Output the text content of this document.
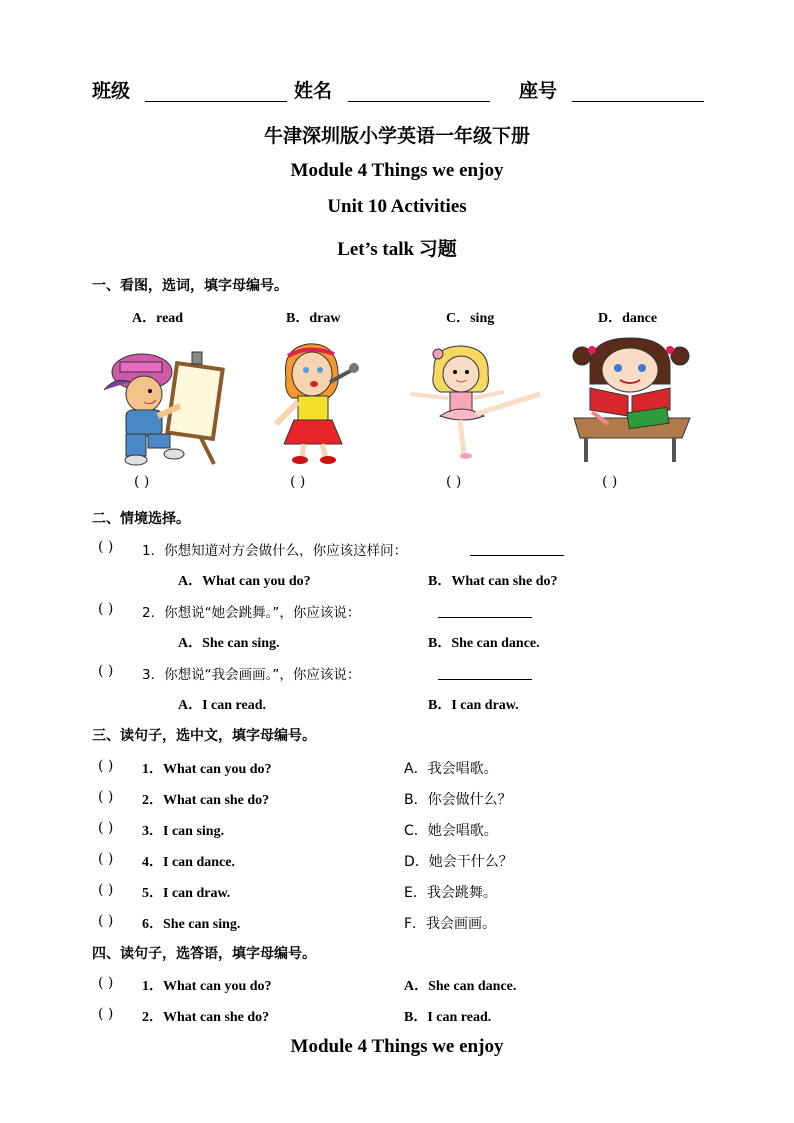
班级	姓名	座号
牛津深圳版小学英语一年级下册
Module 4 Things we enjoy
Unit 10 Activities
Let’s talk 习题
一、看图，选词，填字母编号。
A．read	B．draw	C．sing	D．dance
( )	( )	( )	( )
二、情境选择。
( ) 1．你想知道对方会做什么，你应该这样问：
A．What can you do?	B．What can she do?
( ) 2．你想说“她会跳舞。”，你应该说：
A．She can sing.	B．She can dance.
( ) 3．你想说“我会画画。”，你应该说：
A．I can read.	B．I can draw.
三、读句子，选中文，填字母编号。
( ) 1．What can you do?	A．我会唱歌。
( ) 2．What can she do?	B．你会做什么？
( ) 3．I can sing.	C．她会唱歌。
( ) 4．I can dance.	D．她会干什么？
( ) 5．I can draw.	E．我会跳舞。
( ) 6．She can sing.	F．我会画画。
四、读句子，选答语，填字母编号。
( ) 1．What can you do?	A．She can dance.
( ) 2．What can she do?	B．I can read.
Module 4 Things we enjoy
